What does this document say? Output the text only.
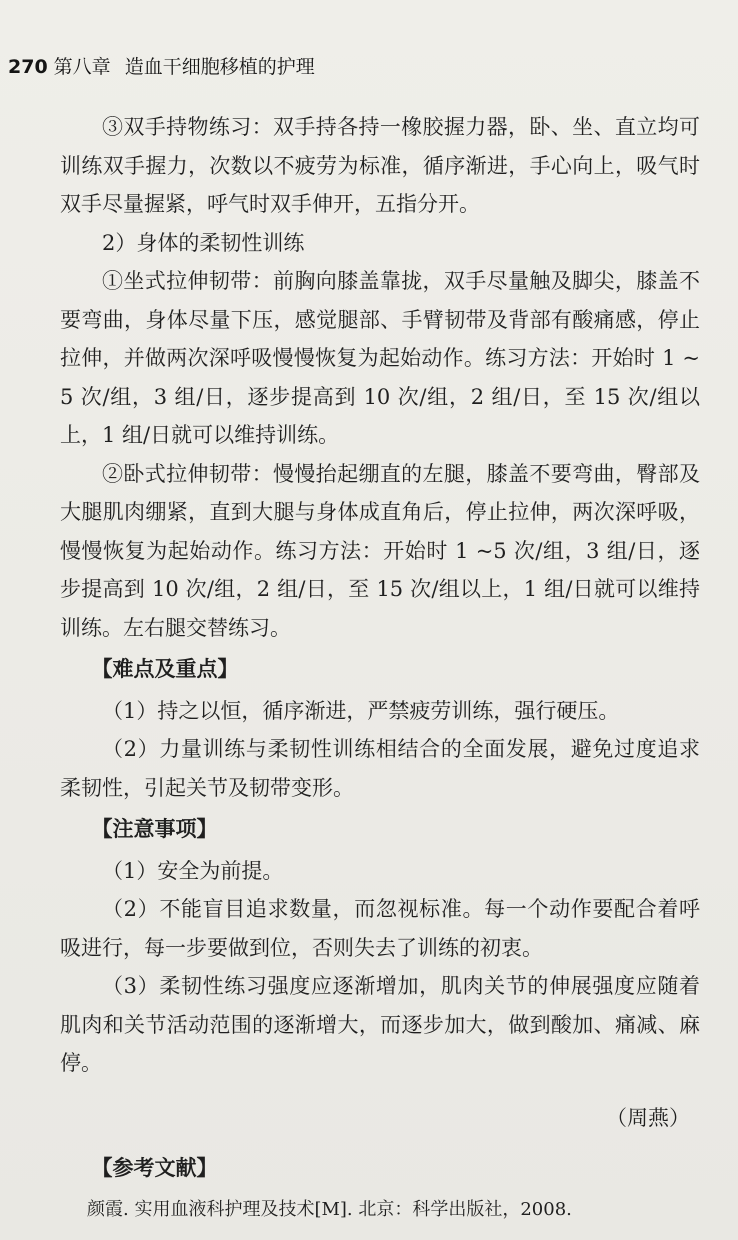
270 第八章 造血干细胞移植的护理

③双手持物练习：双手持各持一橡胶握力器，卧、坐、直立均可训练双手握力，次数以不疲劳为标准，循序渐进，手心向上，吸气时双手尽量握紧，呼气时双手伸开，五指分开。

2）身体的柔韧性训练

①坐式拉伸韧带：前胸向膝盖靠拢，双手尽量触及脚尖，膝盖不要弯曲，身体尽量下压，感觉腿部、手臂韧带及背部有酸痛感，停止拉伸，并做两次深呼吸慢慢恢复为起始动作。练习方法：开始时 1 ~ 5 次/组，3 组/日，逐步提高到 10 次/组，2 组/日，至 15 次/组以上，1 组/日就可以维持训练。

②卧式拉伸韧带：慢慢抬起绷直的左腿，膝盖不要弯曲，臀部及大腿肌肉绷紧，直到大腿与身体成直角后，停止拉伸，两次深呼吸，慢慢恢复为起始动作。练习方法：开始时 1 ~5 次/组，3 组/日，逐步提高到 10 次/组，2 组/日，至 15 次/组以上，1 组/日就可以维持训练。左右腿交替练习。

【难点及重点】

（1）持之以恒，循序渐进，严禁疲劳训练，强行硬压。

（2）力量训练与柔韧性训练相结合的全面发展，避免过度追求柔韧性，引起关节及韧带变形。

【注意事项】

（1）安全为前提。

（2）不能盲目追求数量，而忽视标准。每一个动作要配合着呼吸进行，每一步要做到位，否则失去了训练的初衷。

（3）柔韧性练习强度应逐渐增加，肌肉关节的伸展强度应随着肌肉和关节活动范围的逐渐增大，而逐步加大，做到酸加、痛减、麻停。

（周燕）

【参考文献】

颜霞. 实用血液科护理及技术[M]. 北京：科学出版社，2008.
